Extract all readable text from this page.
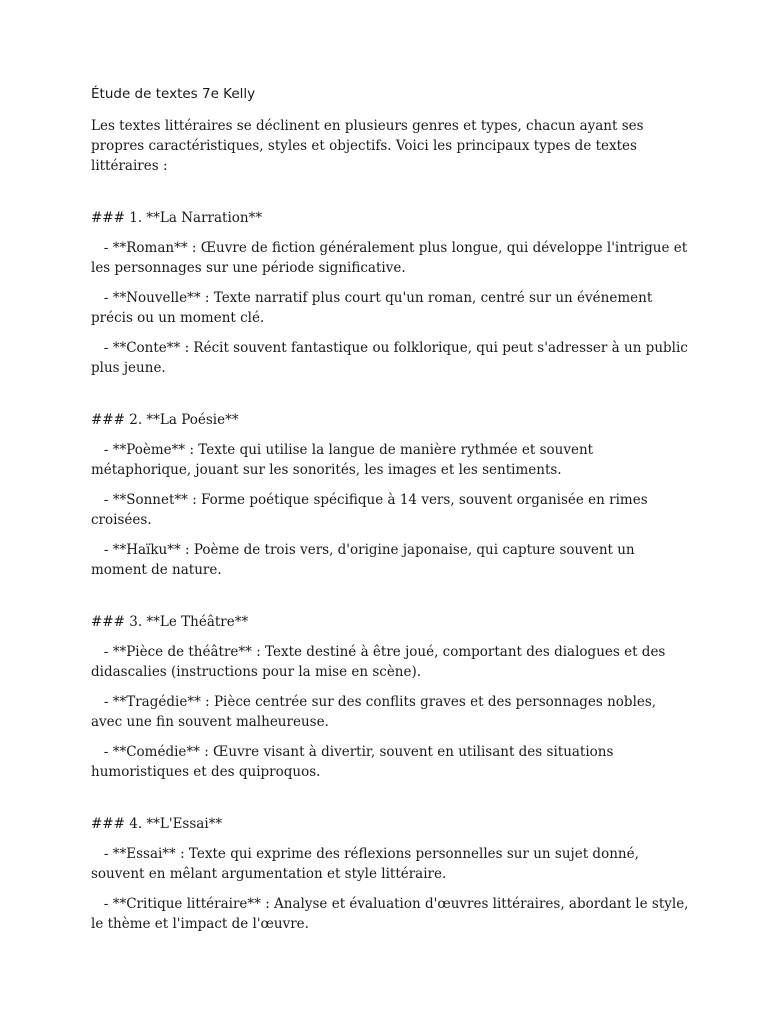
Étude de textes 7e Kelly

Les textes littéraires se déclinent en plusieurs genres et types, chacun ayant ses propres caractéristiques, styles et objectifs. Voici les principaux types de textes littéraires :

### 1. **La Narration**

- **Roman** : Œuvre de fiction généralement plus longue, qui développe l'intrigue et les personnages sur une période significative.

- **Nouvelle** : Texte narratif plus court qu'un roman, centré sur un événement précis ou un moment clé.

- **Conte** : Récit souvent fantastique ou folklorique, qui peut s'adresser à un public plus jeune.

### 2. **La Poésie**

- **Poème** : Texte qui utilise la langue de manière rythmée et souvent métaphorique, jouant sur les sonorités, les images et les sentiments.

- **Sonnet** : Forme poétique spécifique à 14 vers, souvent organisée en rimes croisées.

- **Haïku** : Poème de trois vers, d'origine japonaise, qui capture souvent un moment de nature.

### 3. **Le Théâtre**

- **Pièce de théâtre** : Texte destiné à être joué, comportant des dialogues et des didascalies (instructions pour la mise en scène).

- **Tragédie** : Pièce centrée sur des conflits graves et des personnages nobles, avec une fin souvent malheureuse.

- **Comédie** : Œuvre visant à divertir, souvent en utilisant des situations humoristiques et des quiproquos.

### 4. **L'Essai**

- **Essai** : Texte qui exprime des réflexions personnelles sur un sujet donné, souvent en mêlant argumentation et style littéraire.

- **Critique littéraire** : Analyse et évaluation d'œuvres littéraires, abordant le style, le thème et l'impact de l'œuvre.
